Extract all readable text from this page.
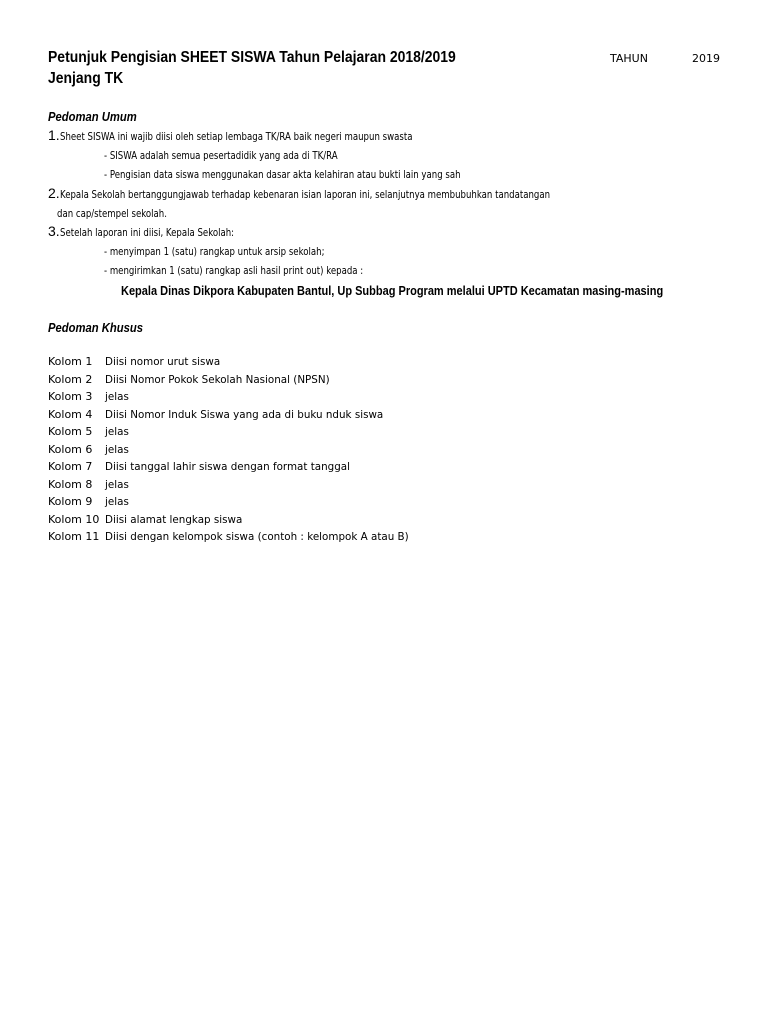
Petunjuk Pengisian SHEET SISWA Tahun Pelajaran 2018/2019
Jenjang TK
TAHUN	2019
Pedoman Umum
1. Sheet SISWA ini wajib diisi oleh setiap lembaga TK/RA baik negeri maupun swasta
- SISWA adalah semua pesertadidik yang ada di TK/RA
- Pengisian data siswa menggunakan dasar akta kelahiran atau bukti lain yang sah
2. Kepala Sekolah bertanggungjawab terhadap kebenaran isian laporan ini, selanjutnya membubuhkan tandatangan
dan cap/stempel sekolah.
3. Setelah laporan ini diisi, Kepala Sekolah:
- menyimpan 1 (satu) rangkap untuk arsip sekolah;
- mengirimkan 1 (satu) rangkap asli hasil print out) kepada :
Kepala Dinas Dikpora Kabupaten Bantul, Up Subbag Program melalui UPTD Kecamatan masing-masing
Pedoman Khusus
Kolom 1 Diisi nomor urut siswa
Kolom 2 Diisi Nomor Pokok Sekolah Nasional (NPSN)
Kolom 3 jelas
Kolom 4 Diisi Nomor Induk Siswa yang ada di buku nduk siswa
Kolom 5 jelas
Kolom 6 jelas
Kolom 7 Diisi tanggal lahir siswa dengan format tanggal
Kolom 8 jelas
Kolom 9 jelas
Kolom 10 Diisi alamat lengkap siswa
Kolom 11 Diisi dengan kelompok siswa (contoh : kelompok A atau B)
